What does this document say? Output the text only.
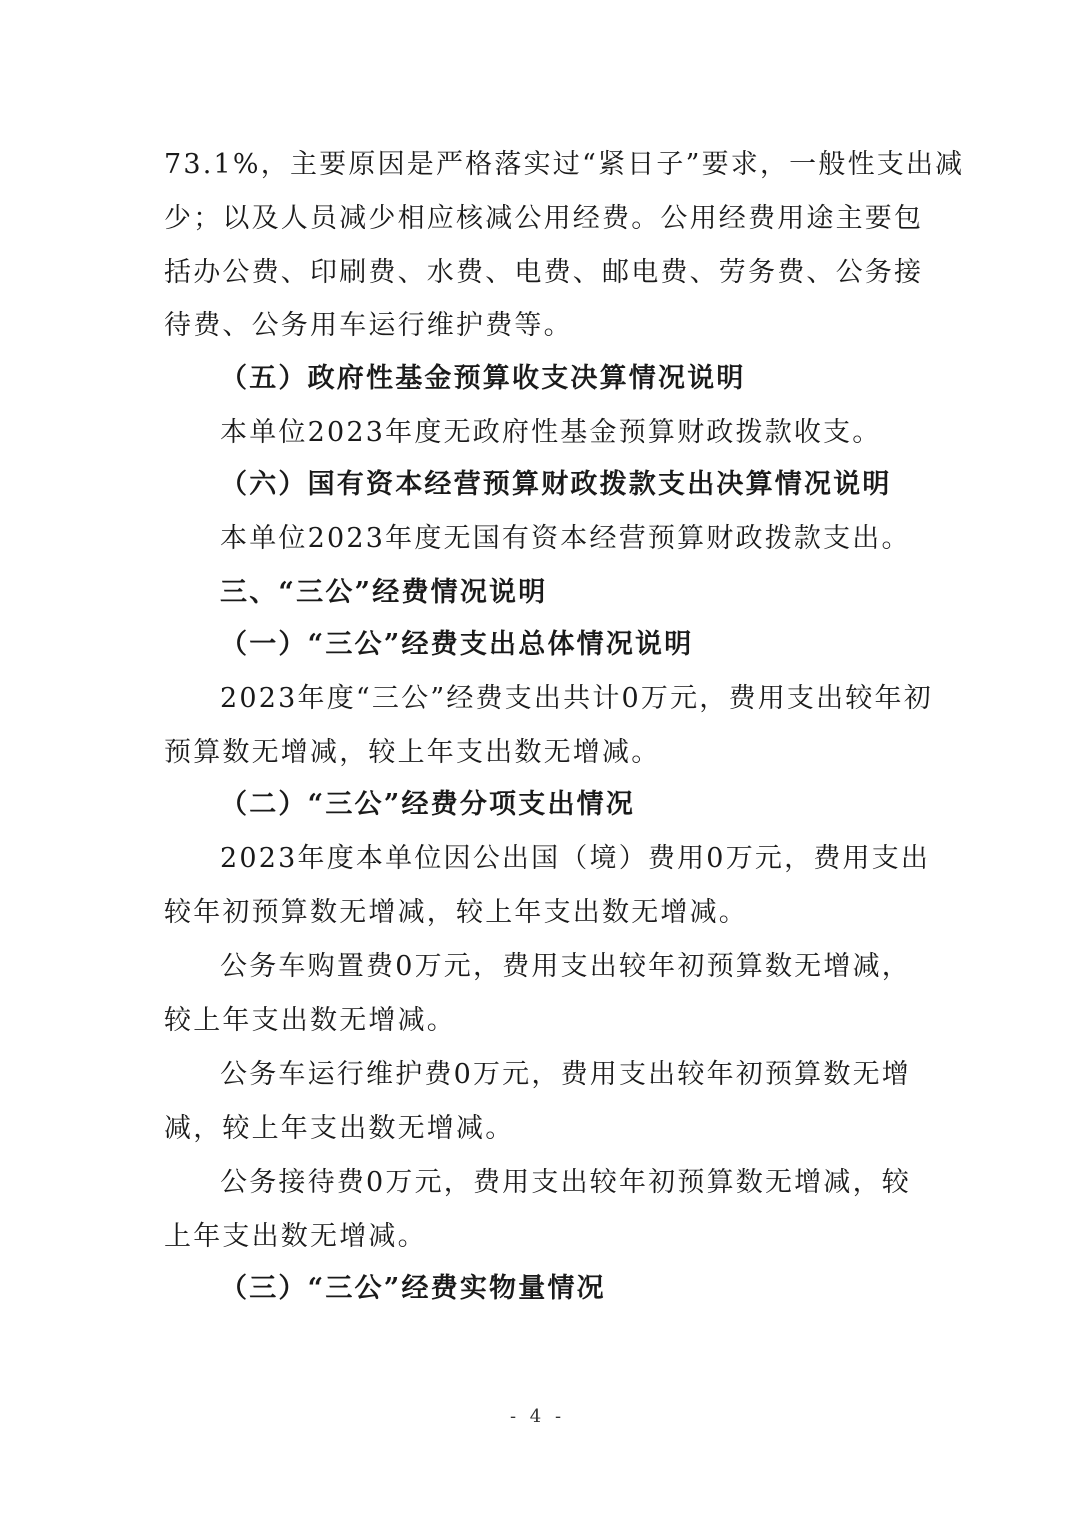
73.1%，主要原因是严格落实过“紧日子”要求，一般性支出减
少；以及人员减少相应核减公用经费。公用经费用途主要包
括办公费、印刷费、水费、电费、邮电费、劳务费、公务接
待费、公务用车运行维护费等。
（五）政府性基金预算收支决算情况说明
本单位2023年度无政府性基金预算财政拨款收支。
（六）国有资本经营预算财政拨款支出决算情况说明
本单位2023年度无国有资本经营预算财政拨款支出。
三、“三公”经费情况说明
（一）“三公”经费支出总体情况说明
2023年度“三公”经费支出共计0万元，费用支出较年初
预算数无增减，较上年支出数无增减。
（二）“三公”经费分项支出情况
2023年度本单位因公出国（境）费用0万元，费用支出
较年初预算数无增减，较上年支出数无增减。
公务车购置费0万元，费用支出较年初预算数无增减，
较上年支出数无增减。
公务车运行维护费0万元，费用支出较年初预算数无增
减，较上年支出数无增减。
公务接待费0万元，费用支出较年初预算数无增减，较
上年支出数无增减。
（三）“三公”经费实物量情况
- 4 -
